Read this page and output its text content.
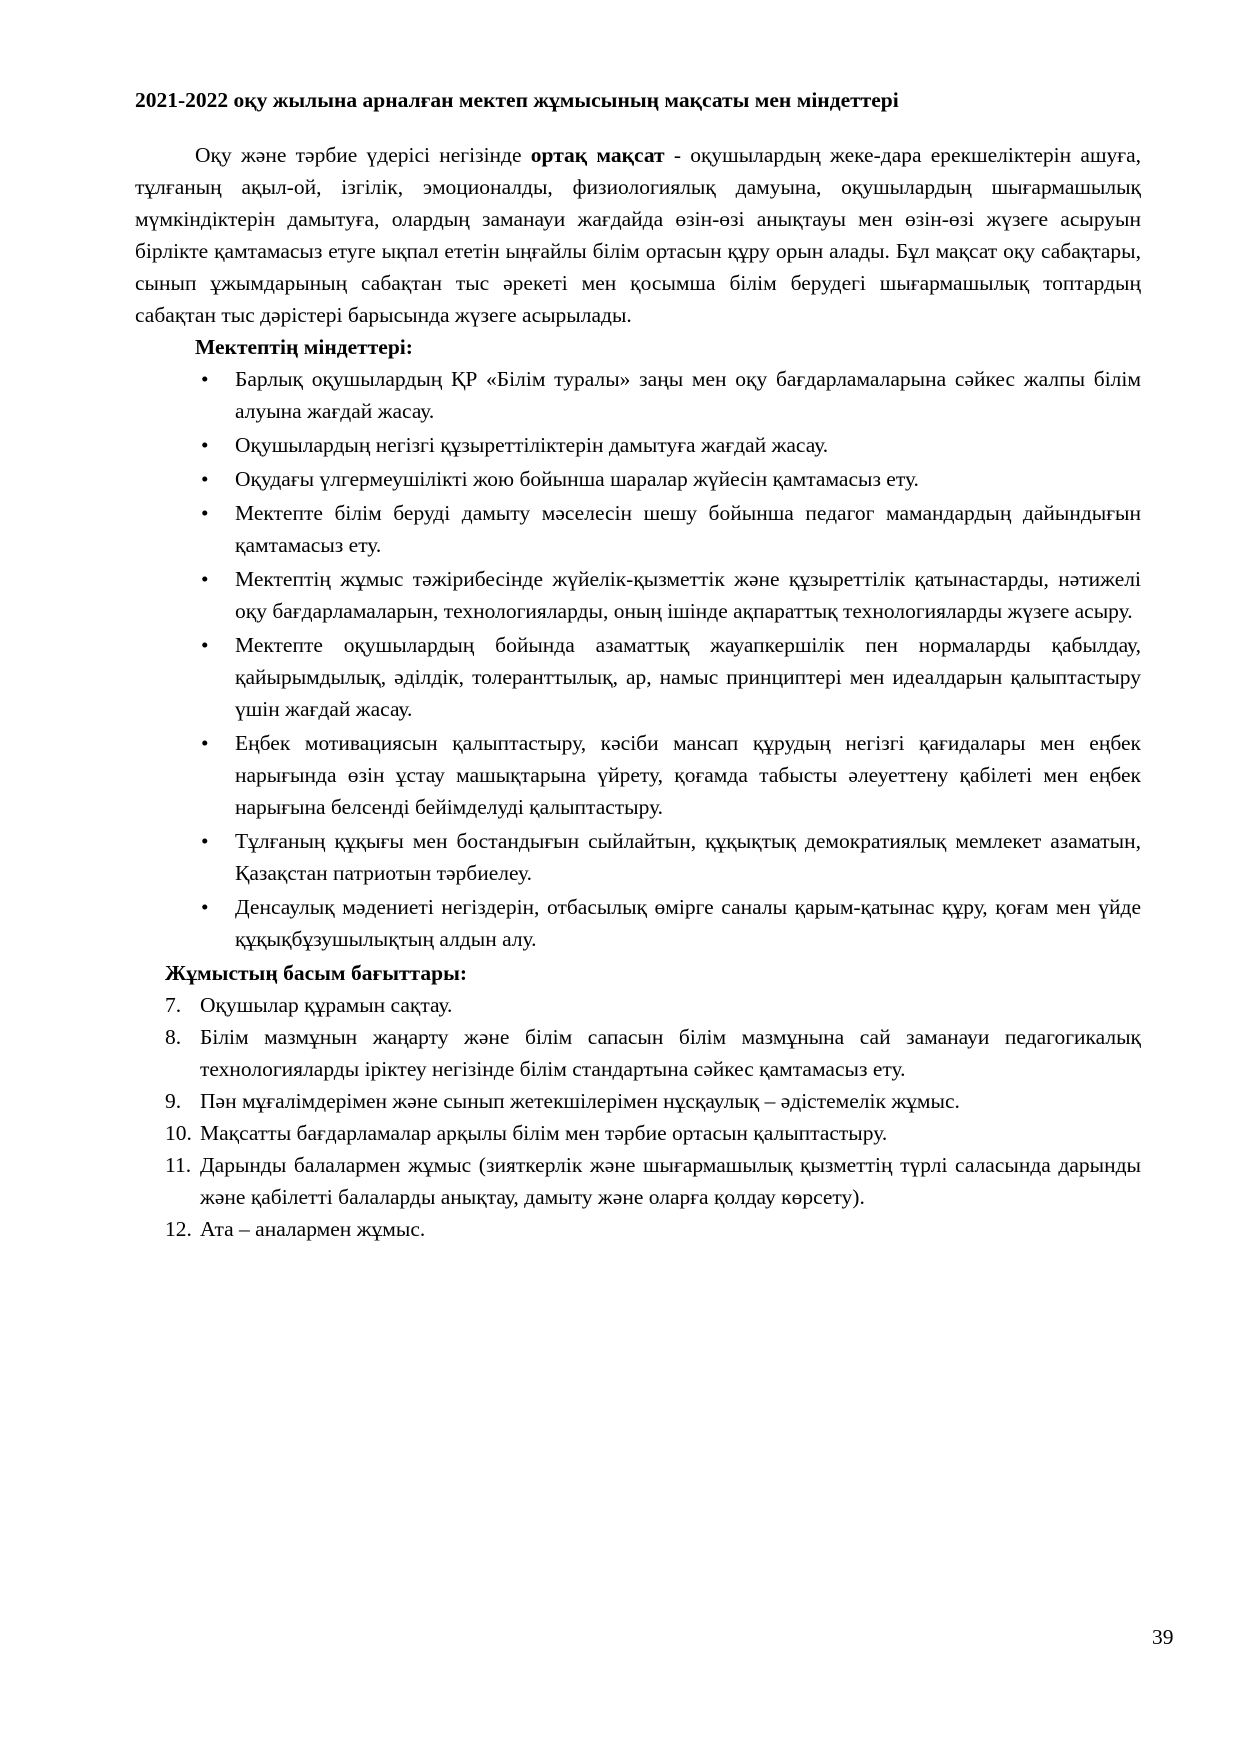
2021-2022 оқу жылына арналған мектеп жұмысының мақсаты мен міндеттері

Оқу және тәрбие үдерісі негізінде ортақ мақсат - оқушылардың жеке-дара ерекшеліктерін ашуға, тұлғаның ақыл-ой, ізгілік, эмоционалды, физиологиялық дамуына, оқушылардың шығармашылық мүмкіндіктерін дамытуға, олардың заманауи жағдайда өзін-өзі анықтауы мен өзін-өзі жүзеге асыруын бірлікте қамтамасыз етуге ықпал ететін ыңғайлы білім ортасын құру орын алады. Бұл мақсат оқу сабақтары, сынып ұжымдарының сабақтан тыс әрекеті мен қосымша білім берудегі шығармашылық топтардың сабақтан тыс дәрістері барысында жүзеге асырылады.

Мектептің міндеттері:
• Барлық оқушылардың ҚР «Білім туралы» заңы мен оқу бағдарламаларына сәйкес жалпы білім алуына жағдай жасау.
• Оқушылардың негізгі құзыреттіліктерін дамытуға жағдай жасау.
• Оқудағы үлгермеушілікті жою бойынша шаралар жүйесін қамтамасыз ету.
• Мектепте білім беруді дамыту мәселесін шешу бойынша педагог мамандардың дайындығын қамтамасыз ету.
• Мектептің жұмыс тәжірибесінде жүйелік-қызметтік және құзыреттілік қатынастарды, нәтижелі оқу бағдарламаларын, технологияларды, оның ішінде ақпараттық технологияларды жүзеге асыру.
• Мектепте оқушылардың бойында азаматтық жауапкершілік пен нормаларды қабылдау, қайырымдылық, әділдік, толеранттылық, ар, намыс принциптері мен идеалдарын қалыптастыру үшін жағдай жасау.
• Еңбек мотивациясын қалыптастыру, кәсіби мансап құрудың негізгі қағидалары мен еңбек нарығында өзін ұстау машықтарына үйрету, қоғамда табысты әлеуеттену қабілеті мен еңбек нарығына белсенді бейімделуді қалыптастыру.
• Тұлғаның құқығы мен бостандығын сыйлайтын, құқықтық демократиялық мемлекет азаматын, Қазақстан патриотын тәрбиелеу.
• Денсаулық мәдениеті негіздерін, отбасылық өмірге саналы қарым-қатынас құру, қоғам мен үйде құқықбұзушылықтың алдын алу.
Жұмыстың басым бағыттары:
7. Оқушылар құрамын сақтау.
8. Білім мазмұнын жаңарту және білім сапасын білім мазмұнына сай заманауи педагогикалық технологияларды іріктеу негізінде білім стандартына сәйкес қамтамасыз ету.
9. Пән мұғалімдерімен және сынып жетекшілерімен нұсқаулық – әдістемелік жұмыс.
10. Мақсатты бағдарламалар арқылы білім мен тәрбие ортасын қалыптастыру.
11. Дарынды балалармен жұмыс (зияткерлік және шығармашылық қызметтің түрлі саласында дарынды және қабілетті балаларды анықтау, дамыту және оларға қолдау көрсету).
12. Ата – аналармен жұмыс.
39
